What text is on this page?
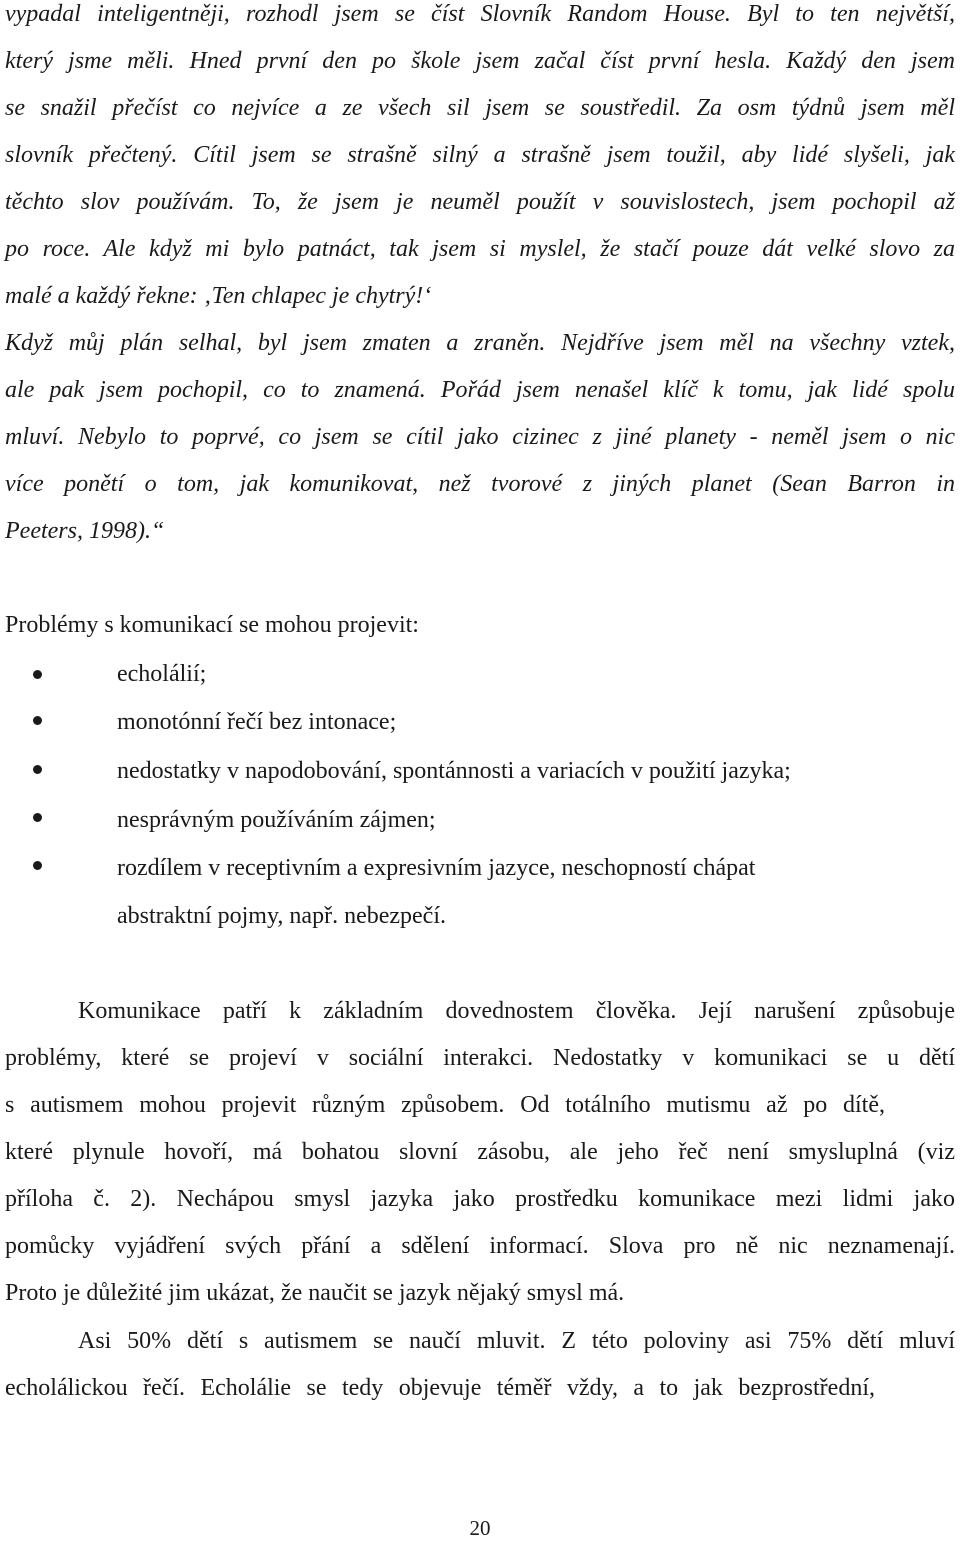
vypadal inteligentněji, rozhodl jsem se číst Slovník Random House. Byl to ten největší,
který jsme měli. Hned první den po škole jsem začal číst první hesla. Každý den jsem
se snažil přečíst co nejvíce a ze všech sil jsem se soustředil. Za osm týdnů jsem měl
slovník přečtený. Cítil jsem se strašně silný a strašně jsem toužil, aby lidé slyšeli, jak
těchto slov používám. To, že jsem je neuměl použít v souvislostech, jsem pochopil až
po roce. Ale když mi bylo patnáct, tak jsem si myslel, že stačí pouze dát velké slovo za
malé a každý řekne: ‚Ten chlapec je chytrý!‘
Když můj plán selhal, byl jsem zmaten a zraněn. Nejdříve jsem měl na všechny vztek,
ale pak jsem pochopil, co to znamená. Pořád jsem nenašel klíč k tomu, jak lidé spolu
mluví. Nebylo to poprvé, co jsem se cítil jako cizinec z jiné planety - neměl jsem o nic
více ponětí o tom, jak komunikovat, než tvorové z jiných planet (Sean Barron in
Peeters, 1998).“
Problémy s komunikací se mohou projevit:
echolálií;
monotónní řečí bez intonace;
nedostatky v napodobování, spontánnosti a variacích v použití jazyka;
nesprávným používáním zájmen;
rozdílem v receptivním a expresivním jazyce, neschopností chápat
abstraktní pojmy, např. nebezpečí.
Komunikace patří k základním dovednostem člověka. Její narušení způsobuje
problémy, které se projeví v sociální interakci. Nedostatky v komunikaci se u dětí
s autismem mohou projevit různým způsobem. Od totálního mutismu až po dítě,
které plynule hovoří, má bohatou slovní zásobu, ale jeho řeč není smysluplná (viz
příloha č. 2). Nechápou smysl jazyka jako prostředku komunikace mezi lidmi jako
pomůcky vyjádření svých přání a sdělení informací. Slova pro ně nic neznamenají.
Proto je důležité jim ukázat, že naučit se jazyk nějaký smysl má.
Asi 50% dětí s autismem se naučí mluvit. Z této poloviny asi 75% dětí mluví
echolálickou řečí. Echolálie se tedy objevuje téměř vždy, a to jak bezprostřední,
20
